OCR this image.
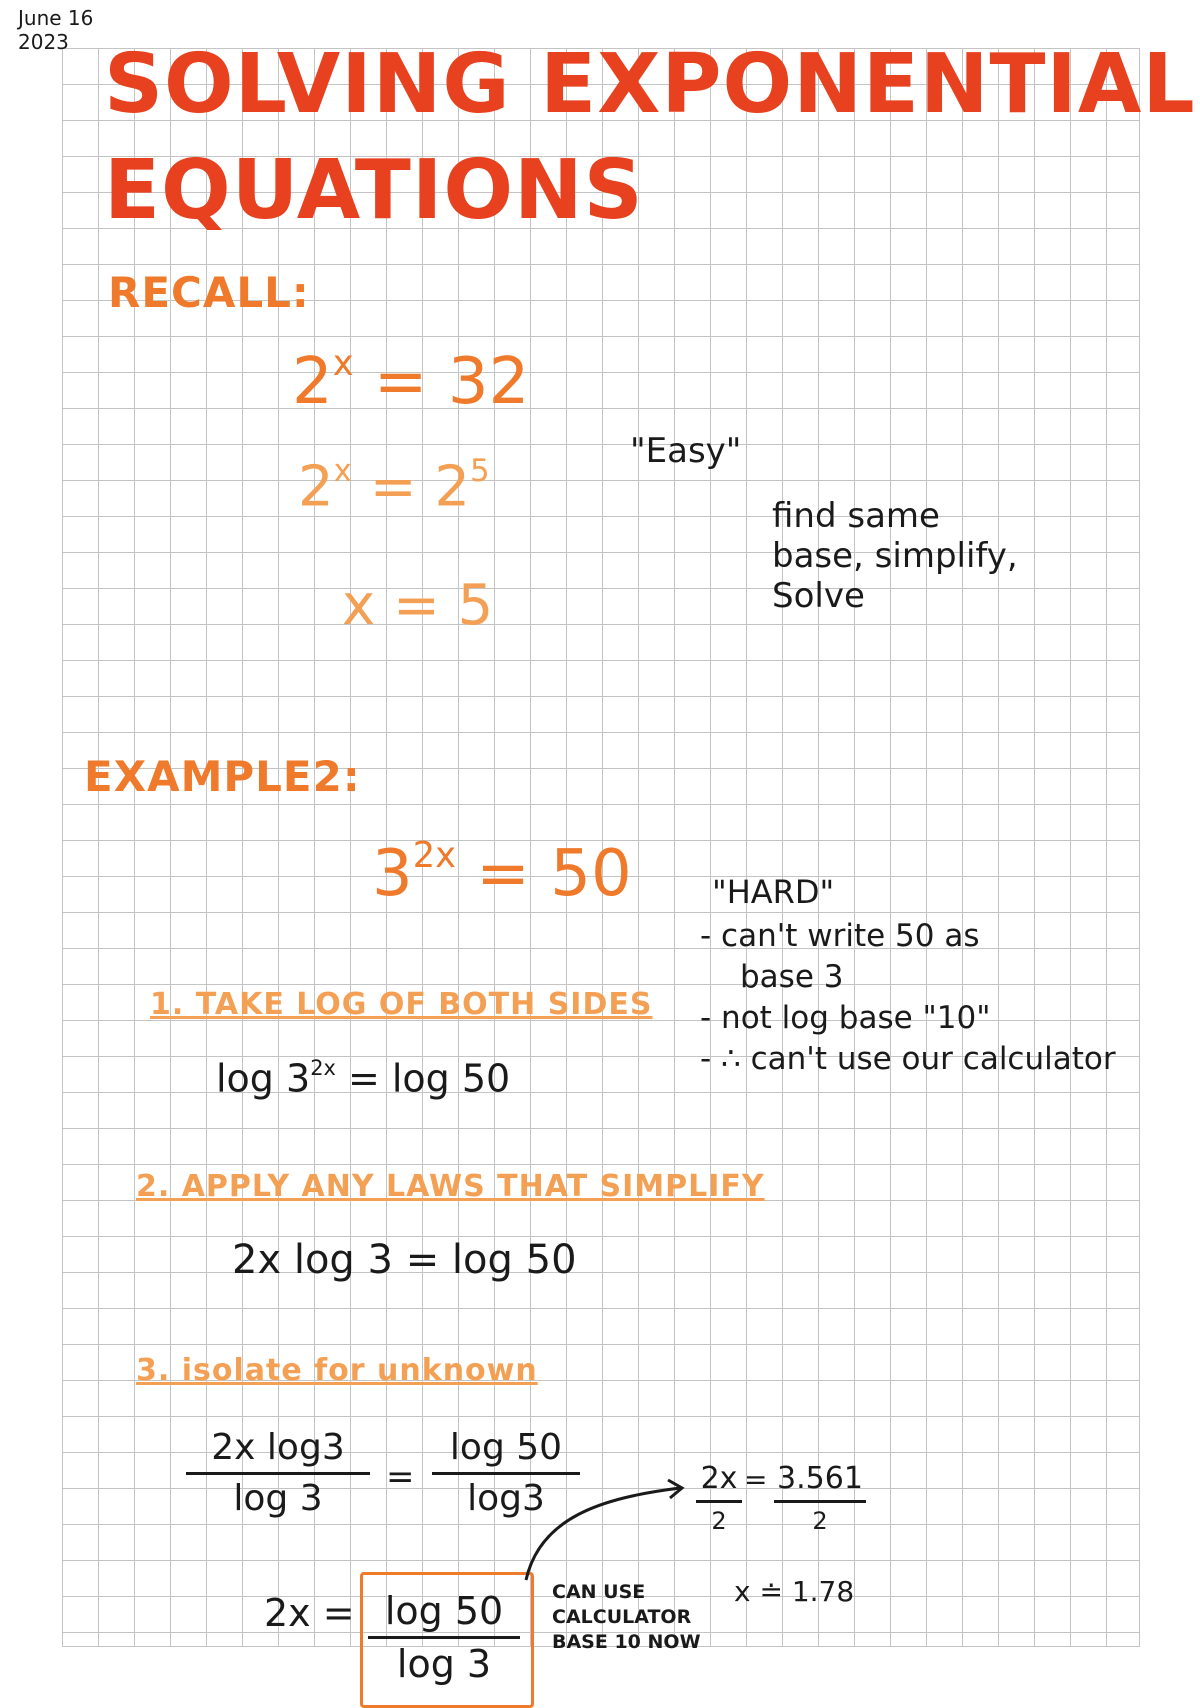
June 16
2023 SOLVING EXPONENTIAL
EQUATIONS
RECALL:
$2^x = 32$
$2^x = 2^5$
x = 5
"Easy"
find same
base, simplify,
Solve
EXAMPLE2:
$3^{2x} = 50$	"HARD"
- can't write 50 as
base 3
- not log base "10"
- ∴ can't use our calculator
1. TAKE LOG OF BOTH SIDES
$\log 3^{2x} = \log 50$
2. APPLY ANY LAWS THAT SIMPLIFY
2x log 3 = log 50
3. isolate for unknown
2x log3
log 3
=
log 50
log3
2x = log 50
log 3
CAN USE
CALCULATOR
BASE 10 NOW
2x
2
= 3.561
2
x ≐ 1.78
